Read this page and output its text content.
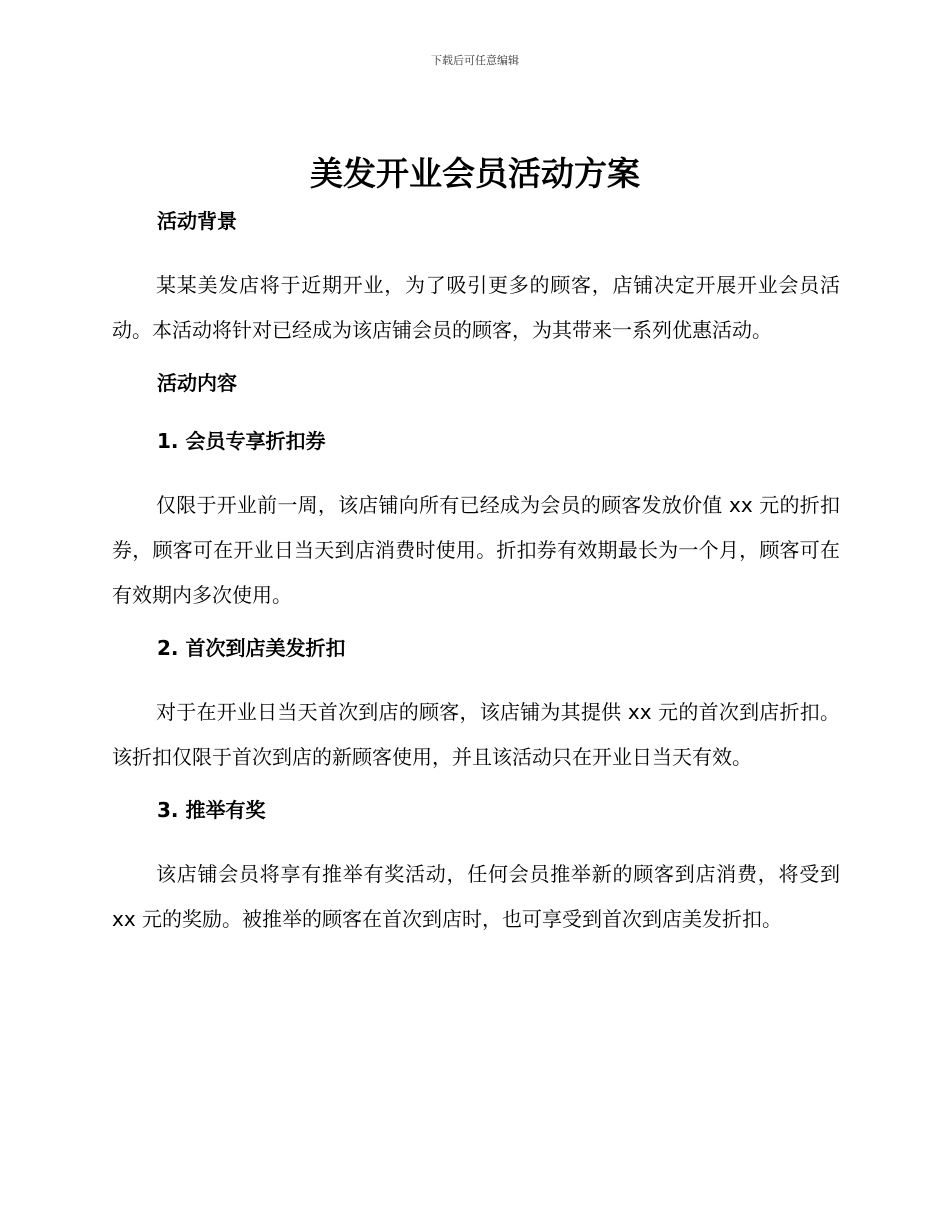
下载后可任意编辑
美发开业会员活动方案
活动背景

某某美发店将于近期开业，为了吸引更多的顾客，店铺决定开展开业会员活动。本活动将针对已经成为该店铺会员的顾客，为其带来一系列优惠活动。

活动内容
1. 会员专享折扣券

仅限于开业前一周，该店铺向所有已经成为会员的顾客发放价值 xx 元的折扣券，顾客可在开业日当天到店消费时使用。折扣券有效期最长为一个月，顾客可在有效期内多次使用。

2. 首次到店美发折扣

对于在开业日当天首次到店的顾客，该店铺为其提供 xx 元的首次到店折扣。该折扣仅限于首次到店的新顾客使用，并且该活动只在开业日当天有效。

3. 推举有奖

该店铺会员将享有推举有奖活动，任何会员推举新的顾客到店消费，将受到 xx 元的奖励。被推举的顾客在首次到店时，也可享受到首次到店美发折扣。
